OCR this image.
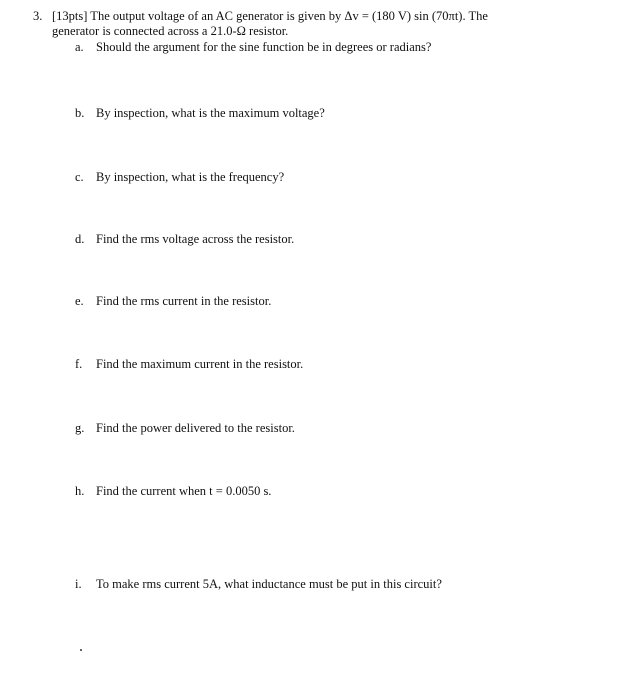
3. [13pts] The output voltage of an AC generator is given by Δv = (180 V) sin (70πt). The
generator is connected across a 21.0-Ω resistor.
a. Should the argument for the sine function be in degrees or radians?
b. By inspection, what is the maximum voltage?
c. By inspection, what is the frequency?
d. Find the rms voltage across the resistor.
e. Find the rms current in the resistor.
f. Find the maximum current in the resistor.
g. Find the power delivered to the resistor.
h. Find the current when t = 0.0050 s.
i. To make rms current 5A, what inductance must be put in this circuit?
